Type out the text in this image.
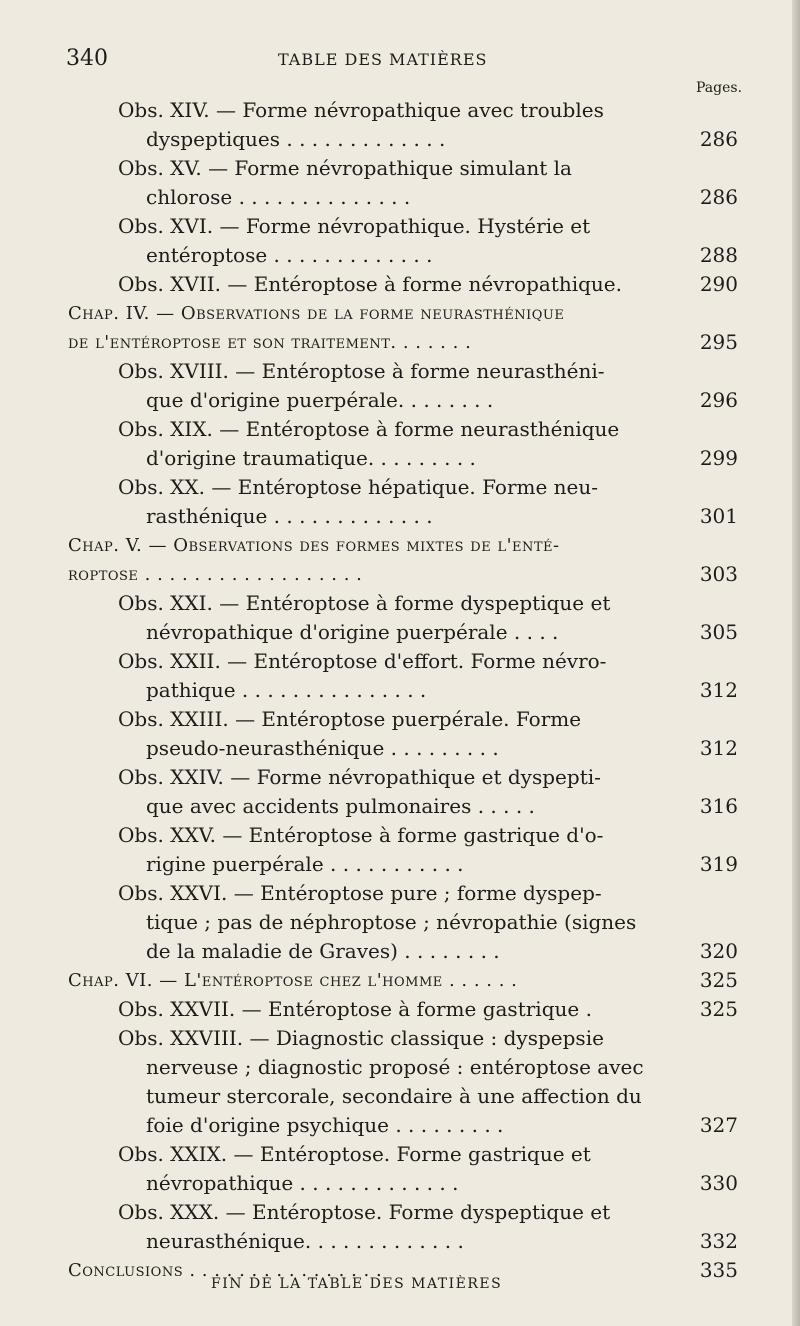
340	TABLE DES MATIÈRES
Pages.
Obs. XIV. — Forme névropathique avec troubles
dyspeptiques . . . . . . . . . . . . .	286
Obs. XV. — Forme névropathique simulant la
chlorose . . . . . . . . . . . . . .	286
Obs. XVI. — Forme névropathique. Hystérie et
entéroptose . . . . . . . . . . . . .	288
Obs. XVII. — Entéroptose à forme névropathique.	290
Chap. IV. — Observations de la forme neurasthénique
de l'entéroptose et son traitement. . . . . . .	295
Obs. XVIII. — Entéroptose à forme neurasthéni-
que d'origine puerpérale. . . . . . . .	296
Obs. XIX. — Entéroptose à forme neurasthénique
d'origine traumatique. . . . . . . . .	299
Obs. XX. — Entéroptose hépatique. Forme neu-
rasthénique . . . . . . . . . . . . .	301
Chap. V. — Observations des formes mixtes de l'enté-
roptose . . . . . . . . . . . . . . . . . .	303
Obs. XXI. — Entéroptose à forme dyspeptique et
névropathique d'origine puerpérale . . . .	305
Obs. XXII. — Entéroptose d'effort. Forme névro-
pathique . . . . . . . . . . . . . . .	312
Obs. XXIII. — Entéroptose puerpérale. Forme
pseudo-neurasthénique . . . . . . . . .	312
Obs. XXIV. — Forme névropathique et dyspepti-
que avec accidents pulmonaires . . . . .	316
Obs. XXV. — Entéroptose à forme gastrique d'o-
rigine puerpérale . . . . . . . . . . .	319
Obs. XXVI. — Entéroptose pure ; forme dyspep-
tique ; pas de néphroptose ; névropathie (signes
de la maladie de Graves) . . . . . . . .	320
Chap. VI. — L'entéroptose chez l'homme . . . . . .	325
Obs. XXVII. — Entéroptose à forme gastrique .	325
Obs. XXVIII. — Diagnostic classique : dyspepsie
nerveuse ; diagnostic proposé : entéroptose avec
tumeur stercorale, secondaire à une affection du
foie d'origine psychique . . . . . . . . .	327
Obs. XXIX. — Entéroptose. Forme gastrique et
névropathique . . . . . . . . . . . . .	330
Obs. XXX. — Entéroptose. Forme dyspeptique et
neurasthénique. . . . . . . . . . . . .	332
Conclusions . . . . . . . . . . . . . . . .	335
FIN DE LA TABLE DES MATIÈRES
